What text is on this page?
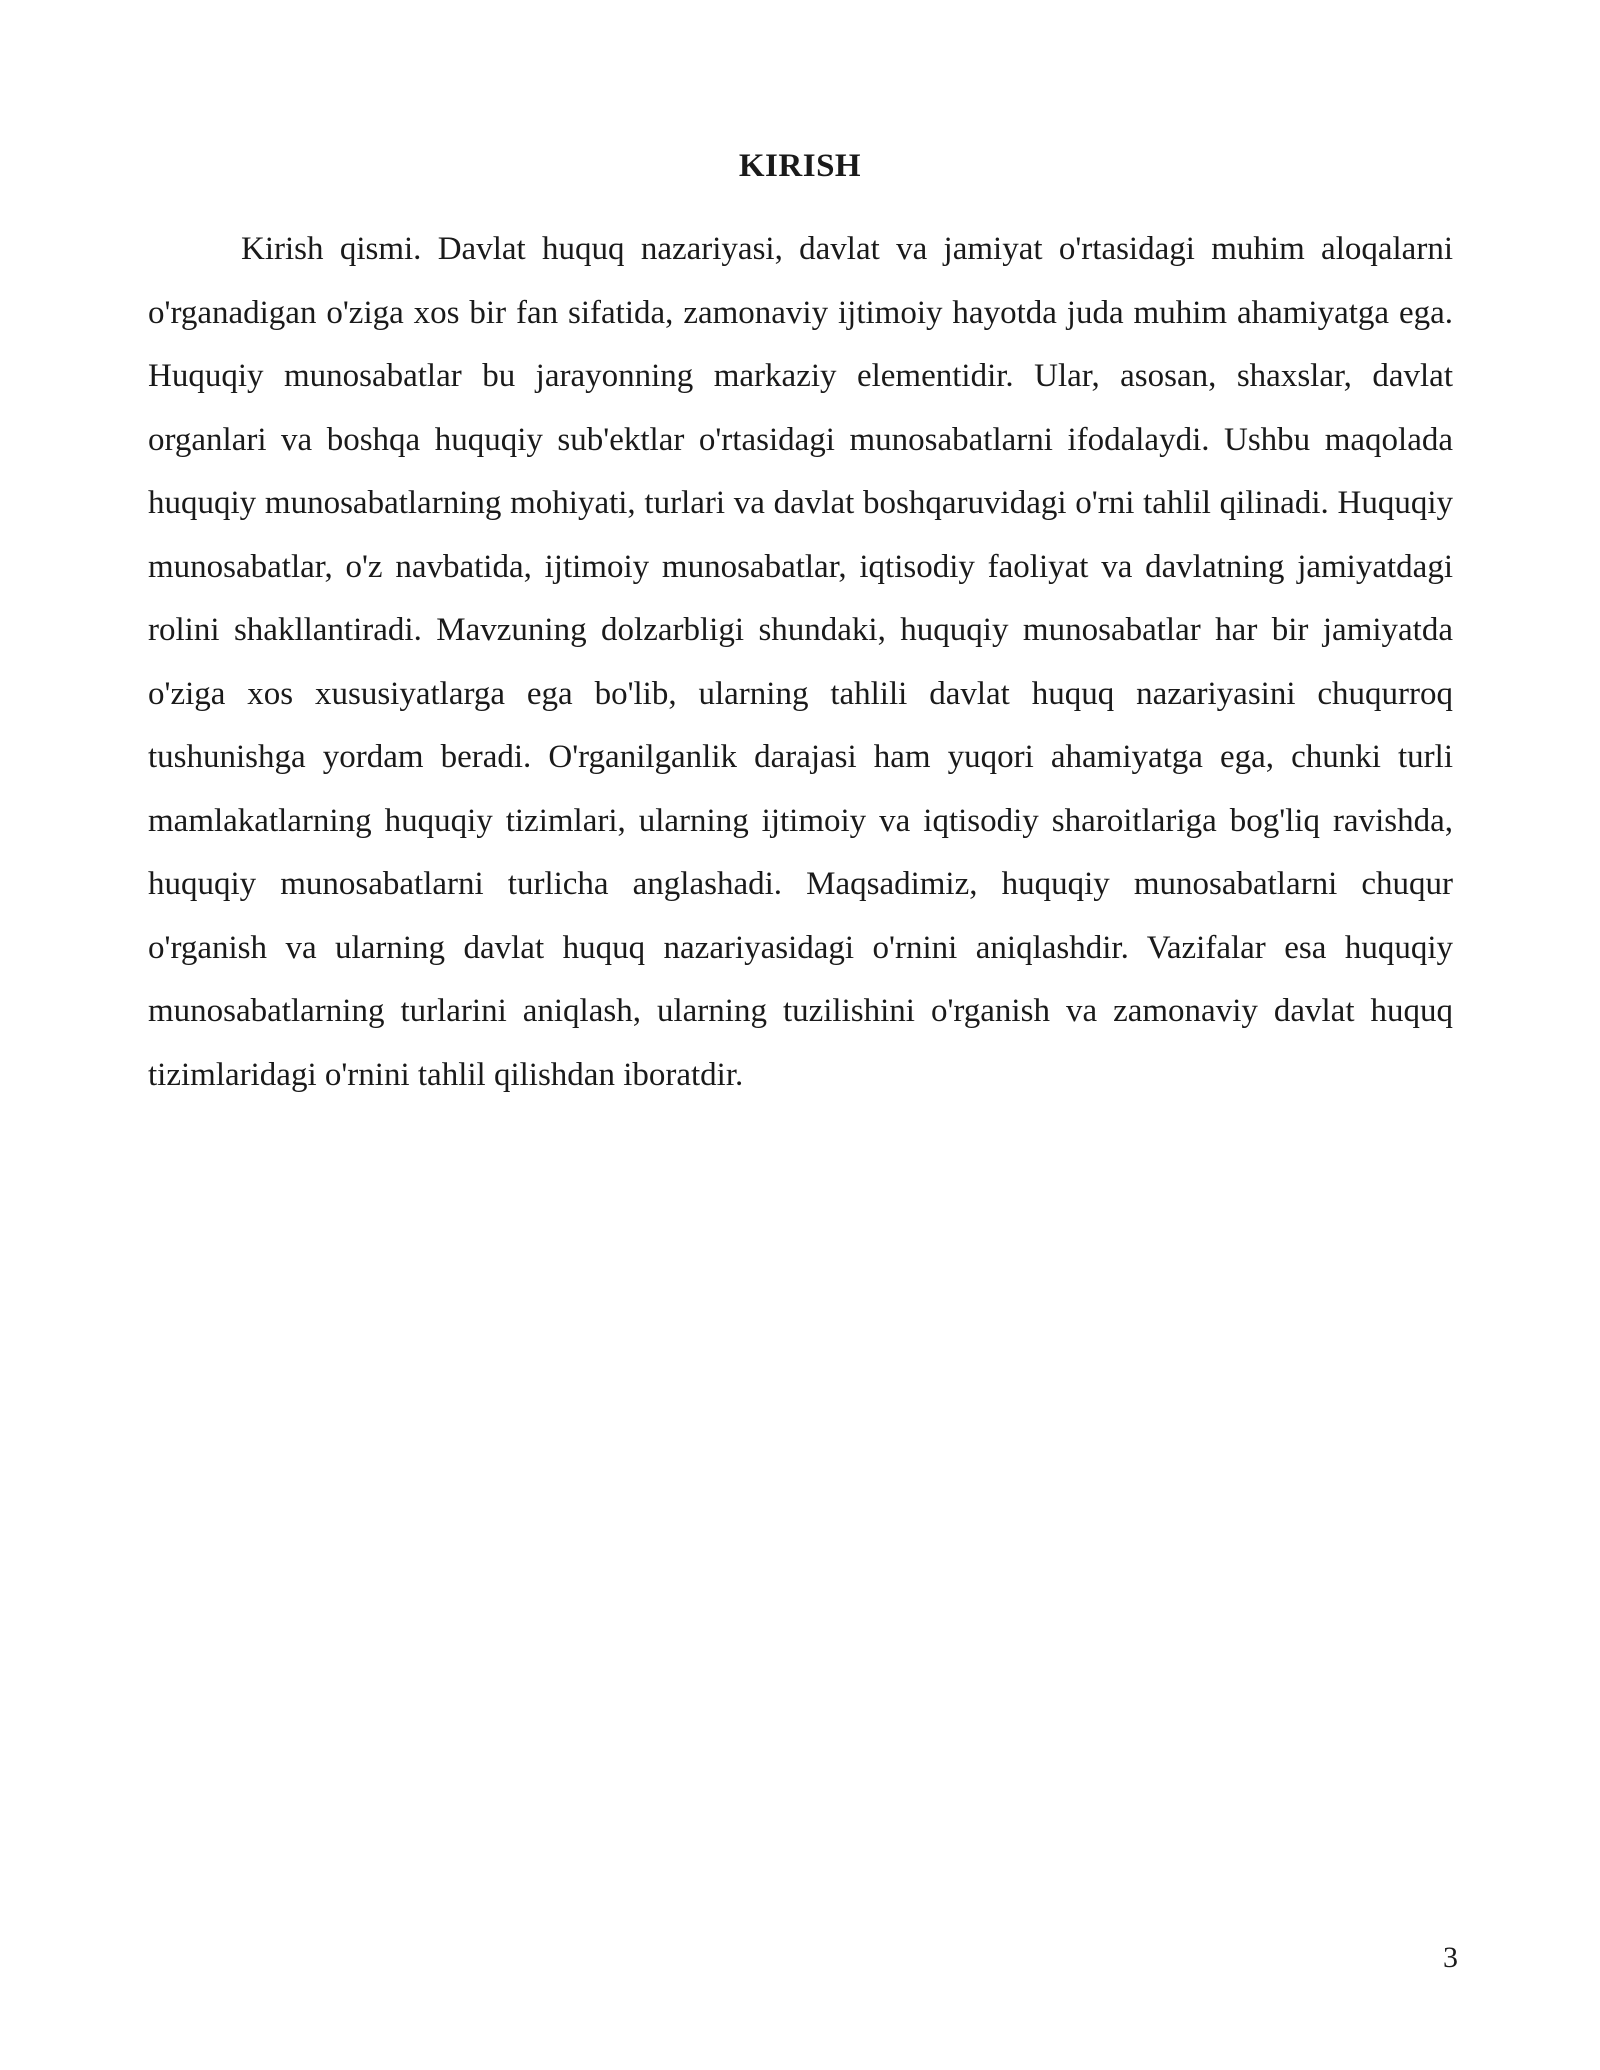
KIRISH

Kirish qismi. Davlat huquq nazariyasi, davlat va jamiyat o'rtasidagi muhim aloqalarni o'rganadigan o'ziga xos bir fan sifatida, zamonaviy ijtimoiy hayotda juda muhim ahamiyatga ega. Huquqiy munosabatlar bu jarayonning markaziy elementidir. Ular, asosan, shaxslar, davlat organlari va boshqa huquqiy sub'ektlar o'rtasidagi munosabatlarni ifodalaydi. Ushbu maqolada huquqiy munosabatlarning mohiyati, turlari va davlat boshqaruvidagi o'rni tahlil qilinadi. Huquqiy munosabatlar, o'z navbatida, ijtimoiy munosabatlar, iqtisodiy faoliyat va davlatning jamiyatdagi rolini shakllantiradi. Mavzuning dolzarbligi shundaki, huquqiy munosabatlar har bir jamiyatda o'ziga xos xususiyatlarga ega bo'lib, ularning tahlili davlat huquq nazariyasini chuqurroq tushunishga yordam beradi. O'rganilganlik darajasi ham yuqori ahamiyatga ega, chunki turli mamlakatlarning huquqiy tizimlari, ularning ijtimoiy va iqtisodiy sharoitlariga bog'liq ravishda, huquqiy munosabatlarni turlicha anglashadi. Maqsadimiz, huquqiy munosabatlarni chuqur o'rganish va ularning davlat huquq nazariyasidagi o'rnini aniqlashdir. Vazifalar esa huquqiy munosabatlarning turlarini aniqlash, ularning tuzilishini o'rganish va zamonaviy davlat huquq tizimlaridagi o'rnini tahlil qilishdan iboratdir.

3
